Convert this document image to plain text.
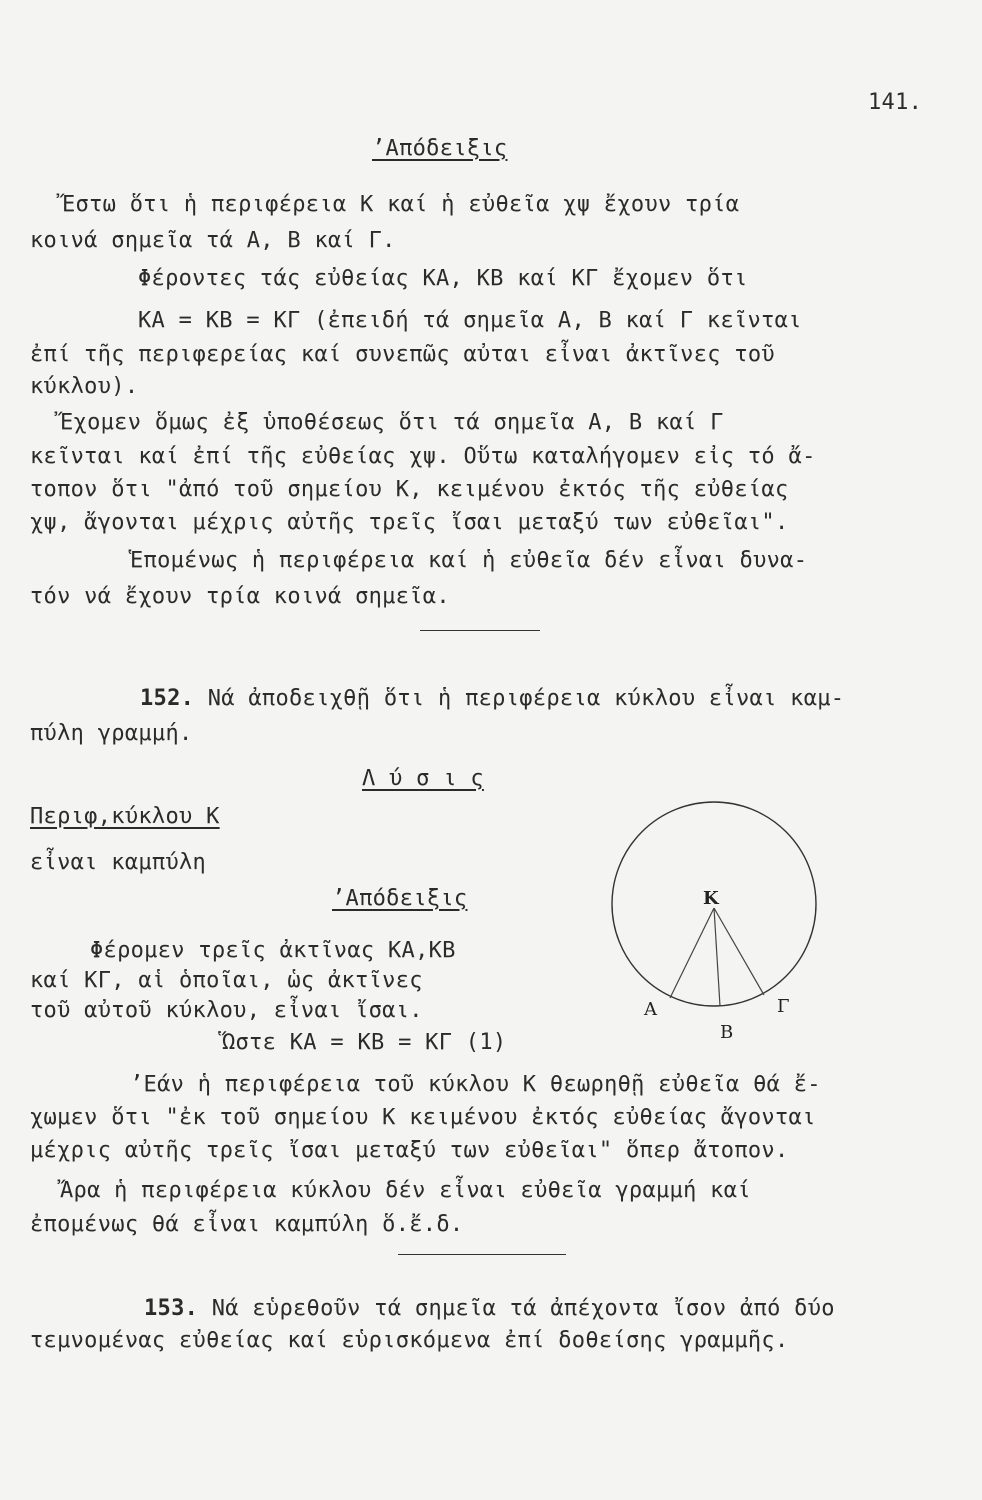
141.
’Απόδειξις
Ἔστω ὅτι ἡ περιφέρεια Κ καί ἡ εὐθεῖα χψ ἔχουν τρία
κοινά σημεῖα τά Α, Β καί Γ.
Φέροντες τάς εὐθείας ΚΑ, ΚΒ καί ΚΓ ἔχομεν ὅτι
ΚΑ = ΚΒ = ΚΓ (ἐπειδή τά σημεῖα Α, Β καί Γ κεῖνται
ἐπί τῆς περιφερείας καί συνεπῶς αὐται εἶναι ἀκτῖνες τοῦ
κύκλου).
Ἔχομεν ὅμως ἐξ ὑποθέσεως ὅτι τά σημεῖα Α, Β καί Γ
κεῖνται καί ἐπί τῆς εὐθείας χψ. Οὕτω καταλήγομεν εἰς τό ἄ-
τοπον ὅτι "ἀπό τοῦ σημείου Κ, κειμένου ἐκτός τῆς εὐθείας
χψ, ἄγονται μέχρις αὐτῆς τρεῖς ἴσαι μεταξύ των εὐθεῖαι".
Ἑπομένως ἡ περιφέρεια καί ἡ εὐθεῖα δέν εἶναι δυνα-
τόν νά ἔχουν τρία κοινά σημεῖα.
152. Νά ἀποδειχθῇ ὅτι ἡ περιφέρεια κύκλου εἶναι καμ-
πύλη γραμμή.
Λ ύ σ ι ς
Περιφ,κύκλου Κ
εἶναι καμπύλη
’Απόδειξις
Φέρομεν τρεῖς ἀκτῖνας ΚΑ,ΚΒ
καί ΚΓ, αἱ ὁποῖαι, ὡς ἀκτῖνες
τοῦ αὐτοῦ κύκλου, εἶναι ἴσαι.
Ὥστε ΚΑ = ΚΒ = ΚΓ (1)
Κ
Α
Β
Γ
’Εάν ἡ περιφέρεια τοῦ κύκλου Κ θεωρηθῇ εὐθεῖα θά ἔ-
χωμεν ὅτι "ἐκ τοῦ σημείου Κ κειμένου ἐκτός εὐθείας ἄγονται
μέχρις αὐτῆς τρεῖς ἴσαι μεταξύ των εὐθεῖαι" ὅπερ ἄτοπον.
Ἄρα ἡ περιφέρεια κύκλου δέν εἶναι εὐθεῖα γραμμή καί
ἐπομένως θά εἶναι καμπύλη ὅ.ἔ.δ.
153. Νά εὑρεθοῦν τά σημεῖα τά ἀπέχοντα ἴσον ἀπό δύο
τεμνομένας εὐθείας καί εὑρισκόμενα ἐπί δοθείσης γραμμῆς.
